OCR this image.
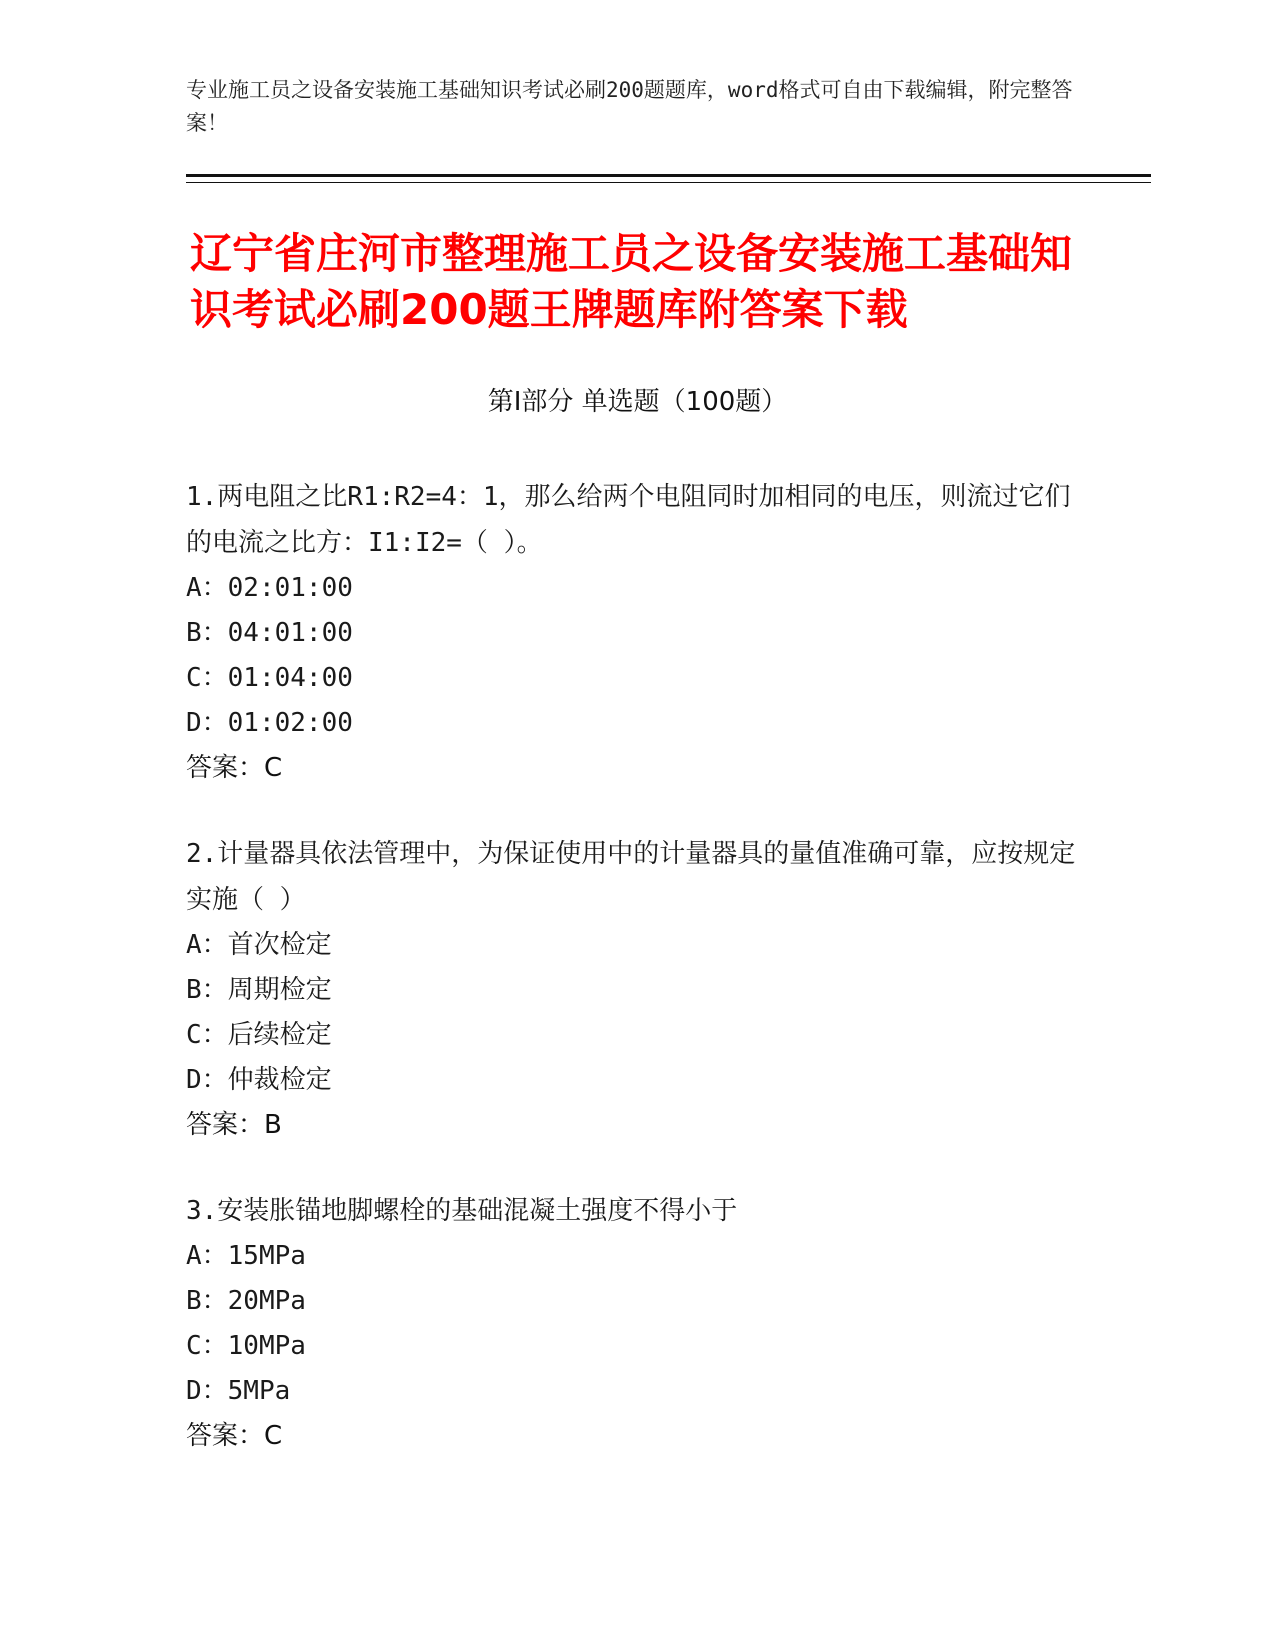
专业施工员之设备安装施工基础知识考试必刷200题题库，word格式可自由下载编辑，附完整答案！
辽宁省庄河市整理施工员之设备安装施工基础知识考试必刷200题王牌题库附答案下载
第Ⅰ部分 单选题（100题）
1.两电阻之比R1:R2=4：1，那么给两个电阻同时加相同的电压，则流过它们的电流之比方：I1:I2=（ ）。
A：02:01:00
B：04:01:00
C：01:04:00
D：01:02:00
答案：C
2.计量器具依法管理中，为保证使用中的计量器具的量值准确可靠，应按规定实施（ ）
A：首次检定
B：周期检定
C：后续检定
D：仲裁检定
答案：B
3.安装胀锚地脚螺栓的基础混凝土强度不得小于
A：15MPa
B：20MPa
C：10MPa
D：5MPa
答案：C
